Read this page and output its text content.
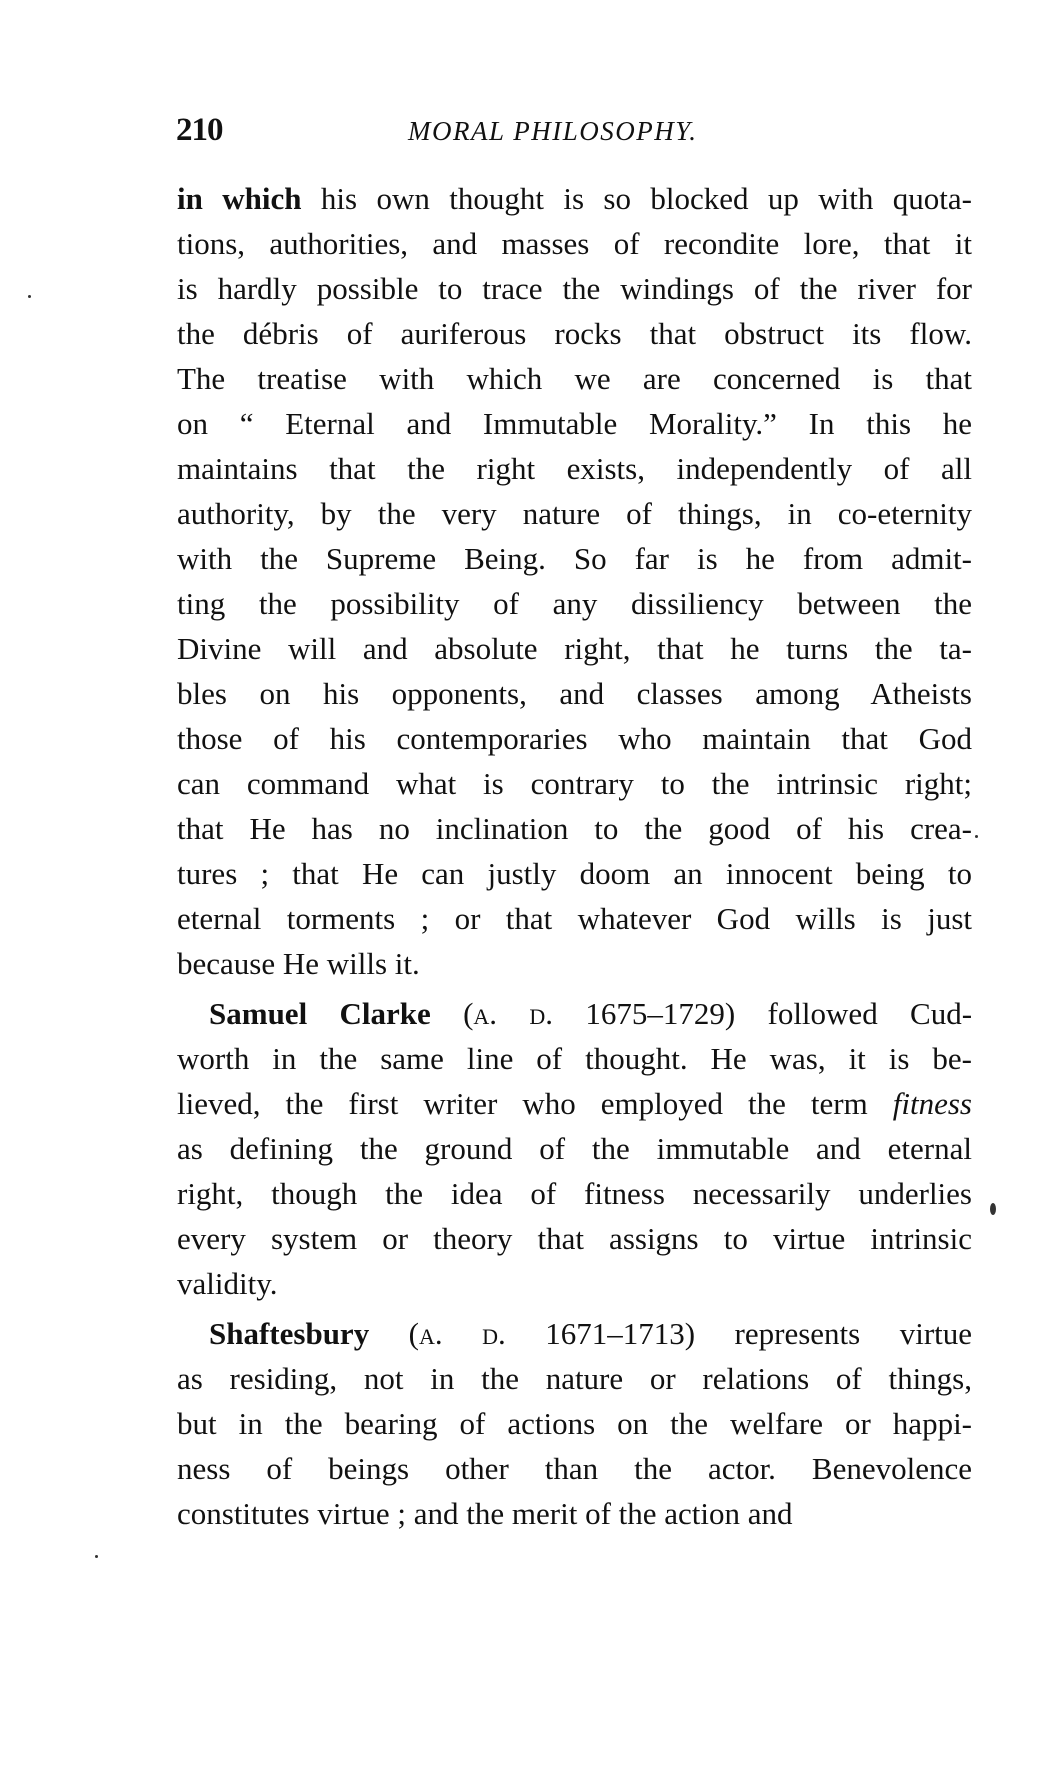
210	MORAL PHILOSOPHY.
in which his own thought is so blocked up with quota-
tions, authorities, and masses of recondite lore, that it
is hardly possible to trace the windings of the river for
the débris of auriferous rocks that obstruct its flow.
The treatise with which we are concerned is that
on “ Eternal and Immutable Morality.” In this he
maintains that the right exists, independently of all
authority, by the very nature of things, in co-eternity
with the Supreme Being. So far is he from admit-
ting the possibility of any dissiliency between the
Divine will and absolute right, that he turns the ta-
bles on his opponents, and classes among Atheists
those of his contemporaries who maintain that God
can command what is contrary to the intrinsic right;
that He has no inclination to the good of his crea-
tures ; that He can justly doom an innocent being to
eternal torments ; or that whatever God wills is just
because He wills it.
Samuel Clarke (a. d. 1675–1729) followed Cud-
worth in the same line of thought. He was, it is be-
lieved, the first writer who employed the term fitness
as defining the ground of the immutable and eternal
right, though the idea of fitness necessarily underlies
every system or theory that assigns to virtue intrinsic
validity.
Shaftesbury (a. d. 1671–1713) represents virtue
as residing, not in the nature or relations of things,
but in the bearing of actions on the welfare or happi-
ness of beings other than the actor. Benevolence
constitutes virtue ; and the merit of the action and
